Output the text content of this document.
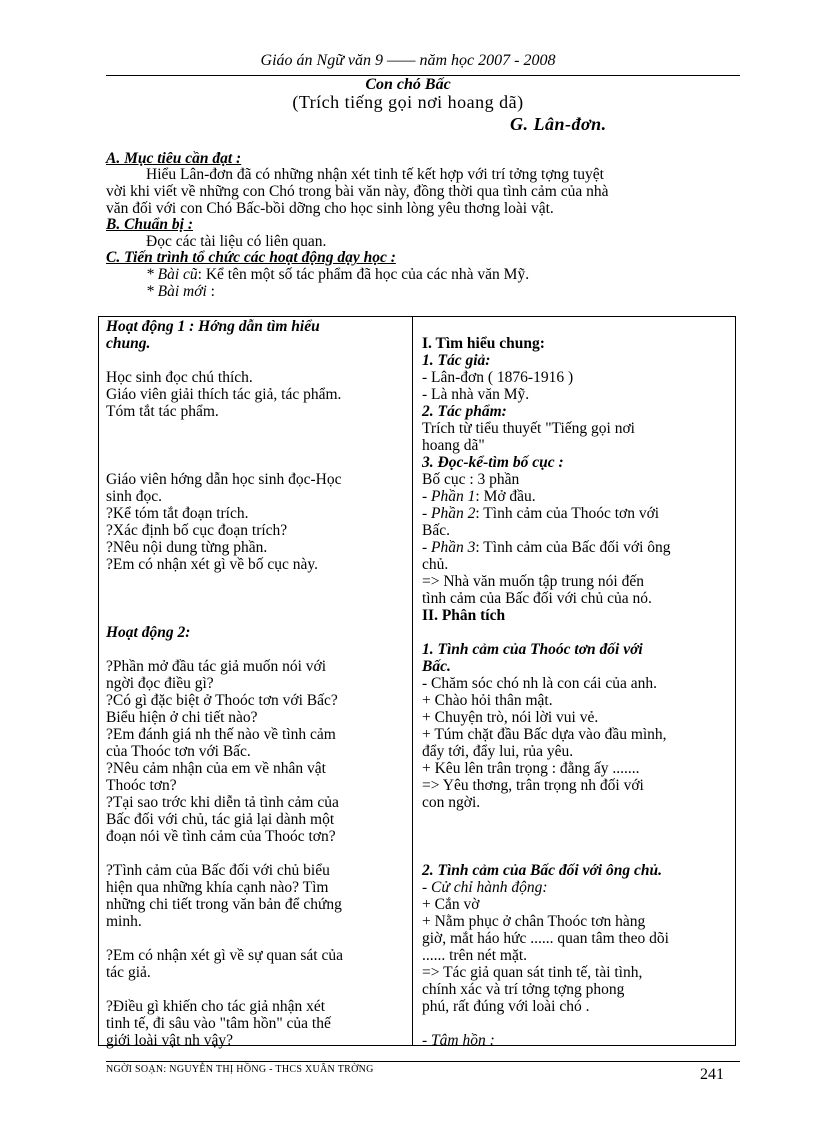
Giáo án Ngữ văn 9 —— năm học 2007 - 2008
Con chó Bấc
(Trích tiếng gọi nơi hoang dã)
G. Lân-đơn.
A. Mục tiêu cần đạt :
Hiểu Lân-đơn đã có những nhận xét tinh tế kết hợp với trí tởng tợng tuyệt
vời khi viết về những con Chó trong bài văn này, đồng thời qua tình cảm của nhà
văn đối với con Chó Bấc-bồi dỡng cho học sinh lòng yêu thơng loài vật.
B. Chuẩn bị :
Đọc các tài liệu có liên quan.
C. Tiến trình tổ chức các hoạt động dạy học :
* Bài cũ: Kể tên một số tác phẩm đã học của các nhà văn Mỹ.
* Bài mới :
Hoạt động 1 : Hớng dẫn tìm hiểu
chung.
Học sinh đọc chú thích.
Giáo viên giải thích tác giả, tác phẩm.
Tóm tắt tác phẩm.
Giáo viên hớng dẫn học sinh đọc-Học
sinh đọc.
?Kể tóm tắt đoạn trích.
?Xác định bố cục đoạn trích?
?Nêu nội dung từng phần.
?Em có nhận xét gì về bố cục này.
Hoạt động 2:
?Phần mở đầu tác giả muốn nói với
ngời đọc điều gì?
?Có gì đặc biệt ở Thoóc tơn với Bấc?
Biểu hiện ở chi tiết nào?
?Em đánh giá nh thế nào về tình cảm
của Thoóc tơn với Bấc.
?Nêu cảm nhận của em về nhân vật
Thoóc tơn?
?Tại sao trớc khi diễn tả tình cảm của
Bấc đối với chủ, tác giả lại dành một
đoạn nói về tình cảm của Thoóc tơn?
?Tình cảm của Bấc đối với chủ biểu
hiện qua những khía cạnh nào? Tìm
những chi tiết trong văn bản để chứng
minh.
?Em có nhận xét gì về sự quan sát của
tác giả.
?Điều gì khiến cho tác giả nhận xét
tinh tế, đi sâu vào "tâm hồn" của thế
giới loài vật nh vậy?
I. Tìm hiểu chung:
1. Tác giả:
- Lân-đơn ( 1876-1916 )
- Là nhà văn Mỹ.
2. Tác phẩm:
Trích từ tiểu thuyết "Tiếng gọi nơi
hoang dã"
3. Đọc-kể-tìm bố cục :
Bố cục : 3 phần
- Phần 1: Mở đầu.
- Phần 2: Tình cảm của Thoóc tơn với
Bấc.
- Phần 3: Tình cảm của Bấc đối với ông
chủ.
=> Nhà văn muốn tập trung nói đến
tình cảm của Bấc đối với chủ của nó.
II. Phân tích
1. Tình cảm của Thoóc tơn đối với
Bấc.
- Chăm sóc chó nh là con cái của anh.
+ Chào hỏi thân mật.
+ Chuyện trò, nói lời vui vẻ.
+ Túm chặt đầu Bấc dựa vào đầu mình,
đẩy tới, đẩy lui, rủa yêu.
+ Kêu lên trân trọng : đằng ấy .......
=> Yêu thơng, trân trọng nh đối với
con ngời.
2. Tình cảm của Bấc đối với ông chủ.
- Cử chỉ hành động:
+ Cắn vờ
+ Nằm phục ở chân Thoóc tơn hàng
giờ, mắt háo hức ...... quan tâm theo dõi
...... trên nét mặt.
=> Tác giả quan sát tinh tế, tài tình,
chính xác và trí tởng tợng phong
phú, rất đúng với loài chó .
- Tâm hồn :
NGỜI SOẠN: NGUYỄN THỊ HỒNG - THCS XUÂN TRỜNG	241
